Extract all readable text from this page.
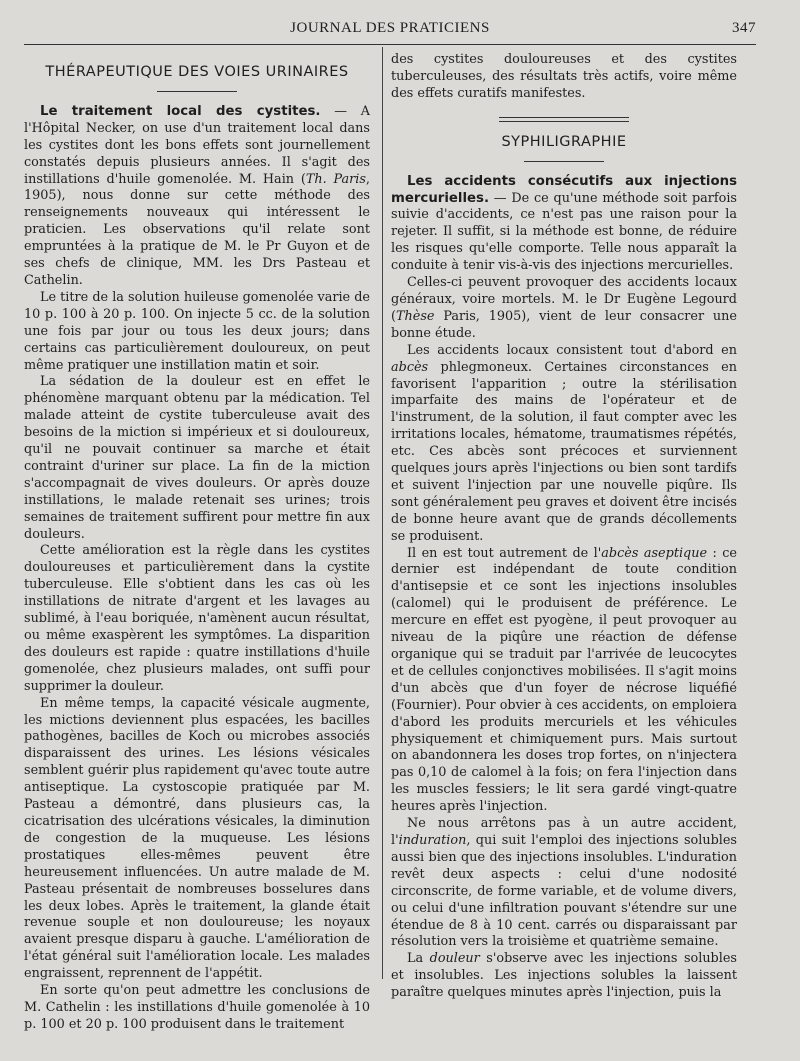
JOURNAL DES PRATICIENS	347
THÉRAPEUTIQUE DES VOIES URINAIRES

Le traitement local des cystites. — A l'Hôpital Necker, on use d'un traitement local dans les cystites dont les bons effets sont journellement constatés depuis plusieurs années. Il s'agit des instillations d'huile gomenolée. M. Hain (Th. Paris, 1905), nous donne sur cette méthode des renseignements nouveaux qui intéressent le praticien. Les observations qu'il relate sont empruntées à la pratique de M. le Pr Guyon et de ses chefs de clinique, MM. les Drs Pasteau et Cathelin.

Le titre de la solution huileuse gomenolée varie de 10 p. 100 à 20 p. 100. On injecte 5 cc. de la solution une fois par jour ou tous les deux jours; dans certains cas particulièrement douloureux, on peut même pratiquer une instillation matin et soir.

La sédation de la douleur est en effet le phénomène marquant obtenu par la médication. Tel malade atteint de cystite tuberculeuse avait des besoins de la miction si impérieux et si douloureux, qu'il ne pouvait continuer sa marche et était contraint d'uriner sur place. La fin de la miction s'accompagnait de vives douleurs. Or après douze instillations, le malade retenait ses urines; trois semaines de traitement suffirent pour mettre fin aux douleurs.

Cette amélioration est la règle dans les cystites douloureuses et particulièrement dans la cystite tuberculeuse. Elle s'obtient dans les cas où les instillations de nitrate d'argent et les lavages au sublimé, à l'eau boriquée, n'amènent aucun résultat, ou même exaspèrent les symptômes. La disparition des douleurs est rapide : quatre instillations d'huile gomenolée, chez plusieurs malades, ont suffi pour supprimer la douleur.

En même temps, la capacité vésicale augmente, les mictions deviennent plus espacées, les bacilles pathogènes, bacilles de Koch ou microbes associés disparaissent des urines. Les lésions vésicales semblent guérir plus rapidement qu'avec toute autre antiseptique. La cystoscopie pratiquée par M. Pasteau a démontré, dans plusieurs cas, la cicatrisation des ulcérations vésicales, la diminution de congestion de la muqueuse. Les lésions prostatiques elles-mêmes peuvent être heureusement influencées. Un autre malade de M. Pasteau présentait de nombreuses bosselures dans les deux lobes. Après le traitement, la glande était revenue souple et non douloureuse; les noyaux avaient presque disparu à gauche. L'amélioration de l'état général suit l'amélioration locale. Les malades engraissent, reprennent de l'appétit.

En sorte qu'on peut admettre les conclusions de M. Cathelin : les instillations d'huile gomenolée à 10 p. 100 et 20 p. 100 produisent dans le traitement

des cystites douloureuses et des cystites tuberculeuses, des résultats très actifs, voire même des effets curatifs manifestes.

SYPHILIGRAPHIE

Les accidents consécutifs aux injections mercurielles. — De ce qu'une méthode soit parfois suivie d'accidents, ce n'est pas une raison pour la rejeter. Il suffit, si la méthode est bonne, de réduire les risques qu'elle comporte. Telle nous apparaît la conduite à tenir vis-à-vis des injections mercurielles.

Celles-ci peuvent provoquer des accidents locaux généraux, voire mortels. M. le Dr Eugène Legourd (Thèse Paris, 1905), vient de leur consacrer une bonne étude.

Les accidents locaux consistent tout d'abord en abcès phlegmoneux. Certaines circonstances en favorisent l'apparition ; outre la stérilisation imparfaite des mains de l'opérateur et de l'instrument, de la solution, il faut compter avec les irritations locales, hématome, traumatismes répétés, etc. Ces abcès sont précoces et surviennent quelques jours après l'injections ou bien sont tardifs et suivent l'injection par une nouvelle piqûre. Ils sont généralement peu graves et doivent être incisés de bonne heure avant que de grands décollements se produisent.

Il en est tout autrement de l'abcès aseptique : ce dernier est indépendant de toute condition d'antisepsie et ce sont les injections insolubles (calomel) qui le produisent de préférence. Le mercure en effet est pyogène, il peut provoquer au niveau de la piqûre une réaction de défense organique qui se traduit par l'arrivée de leucocytes et de cellules conjonctives mobilisées. Il s'agit moins d'un abcès que d'un foyer de nécrose liquéfié (Fournier). Pour obvier à ces accidents, on emploiera d'abord les produits mercuriels et les véhicules physiquement et chimiquement purs. Mais surtout on abandonnera les doses trop fortes, on n'injectera pas 0,10 de calomel à la fois; on fera l'injection dans les muscles fessiers; le lit sera gardé vingt-quatre heures après l'injection.

Ne nous arrêtons pas à un autre accident, l'induration, qui suit l'emploi des injections solubles aussi bien que des injections insolubles. L'induration revêt deux aspects : celui d'une nodosité circonscrite, de forme variable, et de volume divers, ou celui d'une infiltration pouvant s'étendre sur une étendue de 8 à 10 cent. carrés ou disparaissant par résolution vers la troisième et quatrième semaine.

La douleur s'observe avec les injections solubles et insolubles. Les injections solubles la laissent paraître quelques minutes après l'injection, puis la
